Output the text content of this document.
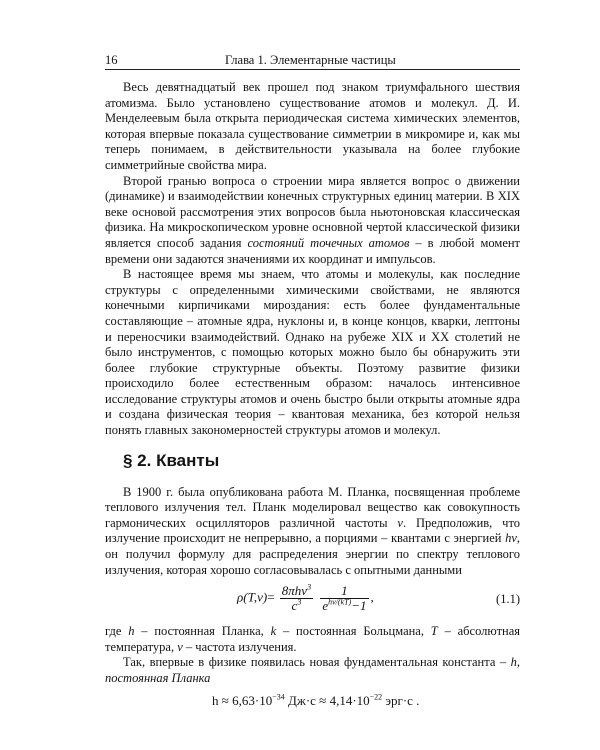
16	Глава 1. Элементарные частицы

Весь девятнадцатый век прошел под знаком триумфального шествия атомизма. Было установлено существование атомов и молекул. Д. И. Менделеевым была открыта периодическая система химических элементов, которая впервые показала существование симметрии в микромире и, как мы теперь понимаем, в действительности указывала на более глубокие симметрийные свойства мира.

Второй гранью вопроса о строении мира является вопрос о движении (динамике) и взаимодействии конечных структурных единиц материи. В XIX веке основой рассмотрения этих вопросов была ньютоновская классическая физика. На микроскопическом уровне основной чертой классической физики является способ задания состояний точечных атомов – в любой момент времени они задаются значениями их координат и импульсов.

В настоящее время мы знаем, что атомы и молекулы, как последние структуры с определенными химическими свойствами, не являются конечными кирпичиками мироздания: есть более фундаментальные составляющие – атомные ядра, нуклоны и, в конце концов, кварки, лептоны и переносчики взаимодействий. Однако на рубеже XIX и XX столетий не было инструментов, с помощью которых можно было бы обнаружить эти более глубокие структурные объекты. Поэтому развитие физики происходило более естественным образом: началось интенсивное исследование структуры атомов и очень быстро были открыты атомные ядра и создана физическая теория – квантовая механика, без которой нельзя понять главных закономерностей структуры атомов и молекул.

§ 2. Кванты

В 1900 г. была опубликована работа М. Планка, посвященная проблеме теплового излучения тел. Планк моделировал вещество как совокупность гармонических осцилляторов различной частоты ν. Предположив, что излучение происходит не непрерывно, а порциями – квантами с энергией hν, он получил формулу для распределения энергии по спектру теплового излучения, которая хорошо согласовывалась с опытными данными

$\rho(T,\nu)= \frac{8\pi h\nu^3}{c^3}$
$\frac{1}{e^{h\nu/(kT)}-1}$ ,	(1.1)

где h – постоянная Планка, k – постоянная Больцмана, T – абсолютная температура, ν – частота излучения.

Так, впервые в физике появилась новая фундаментальная константа – h, постоянная Планка

$h \approx 6,63\cdot 10^{-34}$ $Дж\cdot с \approx 4,14\cdot 10^{-22}$ эрг·с .
